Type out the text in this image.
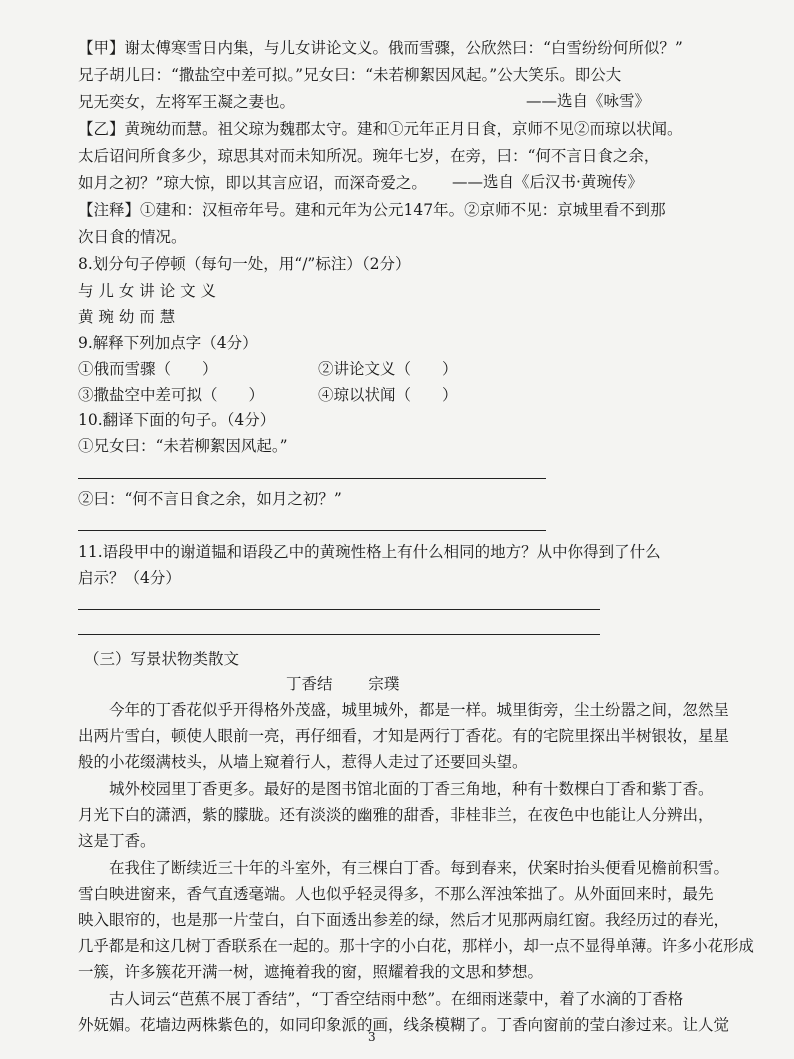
【甲】谢太傅寒雪日内集，与儿女讲论文义。俄而雪骤，公欣然曰：“白雪纷纷何所似？”
兄子胡儿曰：“撒盐空中差可拟。”兄女曰：“未若柳絮因风起。”公大笑乐。即公大
兄无奕女，左将军王凝之妻也。	——选自《咏雪》
【乙】黄琬幼而慧。祖父琼为魏郡太守。建和①元年正月日食，京师不见②而琼以状闻。
太后诏问所食多少，琼思其对而未知所况。琬年七岁，在旁，曰：“何不言日食之余，
如月之初？”琼大惊，即以其言应诏，而深奇爱之。 ——选自《后汉书·黄琬传》
【注释】①建和：汉桓帝年号。建和元年为公元147年。②京师不见：京城里看不到那
次日食的情况。
8.划分句子停顿（每句一处，用“/”标注）（2分）
与 儿 女 讲 论 文 义
黄 琬 幼 而 慧
9.解释下列加点字（4分）
①俄而雪骤（　　）	②讲论文义（　　）
③撒盐空中差可拟（　　）	④琼以状闻（　　）
10.翻译下面的句子。（4分）
①兄女曰：“未若柳絮因风起。”
②曰：“何不言日食之余，如月之初？”
11.语段甲中的谢道韫和语段乙中的黄琬性格上有什么相同的地方？从中你得到了什么
启示？（4分）
（三）写景状物类散文
丁香结 宗璞
　　今年的丁香花似乎开得格外茂盛，城里城外，都是一样。城里街旁，尘土纷嚣之间，忽然呈
出两片雪白，顿使人眼前一亮，再仔细看，才知是两行丁香花。有的宅院里探出半树银妆，星星
般的小花缀满枝头，从墙上窥着行人，惹得人走过了还要回头望。
　　城外校园里丁香更多。最好的是图书馆北面的丁香三角地，种有十数棵白丁香和紫丁香。
月光下白的潇洒，紫的朦胧。还有淡淡的幽雅的甜香，非桂非兰，在夜色中也能让人分辨出，
这是丁香。
　　在我住了断续近三十年的斗室外，有三棵白丁香。每到春来，伏案时抬头便看见檐前积雪。
雪白映进窗来，香气直透毫端。人也似乎轻灵得多，不那么浑浊笨拙了。从外面回来时，最先
映入眼帘的，也是那一片莹白，白下面透出参差的绿，然后才见那两扇红窗。我经历过的春光，
几乎都是和这几树丁香联系在一起的。那十字的小白花，那样小，却一点不显得单薄。许多小花形成
一簇，许多簇花开满一树，遮掩着我的窗，照耀着我的文思和梦想。
　　古人词云“芭蕉不展丁香结”，“丁香空结雨中愁”。在细雨迷蒙中，着了水滴的丁香格
外妩媚。花墙边两株紫色的，如同印象派的画，线条模糊了。丁香向窗前的莹白渗过来。让人觉
3
